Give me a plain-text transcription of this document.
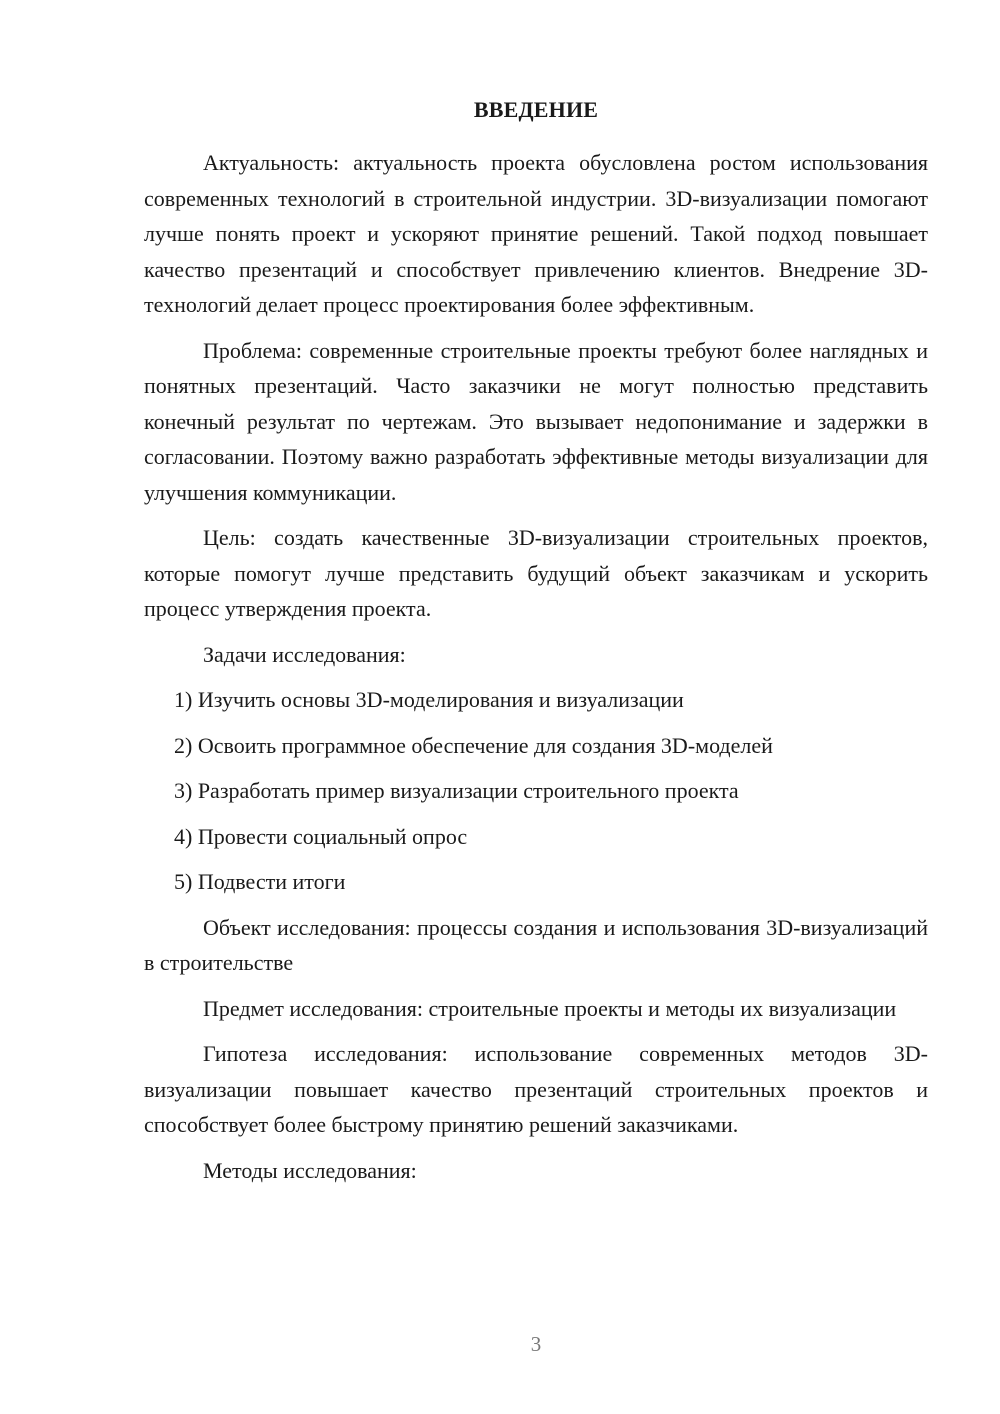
ВВЕДЕНИЕ

Актуальность: актуальность проекта обусловлена ростом использования современных технологий в строительной индустрии. 3D-визуализации помогают лучше понять проект и ускоряют принятие решений. Такой подход повышает качество презентаций и способствует привлечению клиентов. Внедрение 3D-технологий делает процесс проектирования более эффективным.

Проблема: современные строительные проекты требуют более наглядных и понятных презентаций. Часто заказчики не могут полностью представить конечный результат по чертежам. Это вызывает недопонимание и задержки в согласовании. Поэтому важно разработать эффективные методы визуализации для улучшения коммуникации.

Цель: создать качественные 3D-визуализации строительных проектов, которые помогут лучше представить будущий объект заказчикам и ускорить процесс утверждения проекта.

Задачи исследования:

1) Изучить основы 3D-моделирования и визуализации
2) Освоить программное обеспечение для создания 3D-моделей
3) Разработать пример визуализации строительного проекта
4) Провести социальный опрос
5) Подвести итоги

Объект исследования: процессы создания и использования 3D-визуализаций в строительстве

Предмет исследования: строительные проекты и методы их визуализации

Гипотеза исследования: использование современных методов 3D-визуализации повышает качество презентаций строительных проектов и способствует более быстрому принятию решений заказчиками.

Методы исследования:

3
